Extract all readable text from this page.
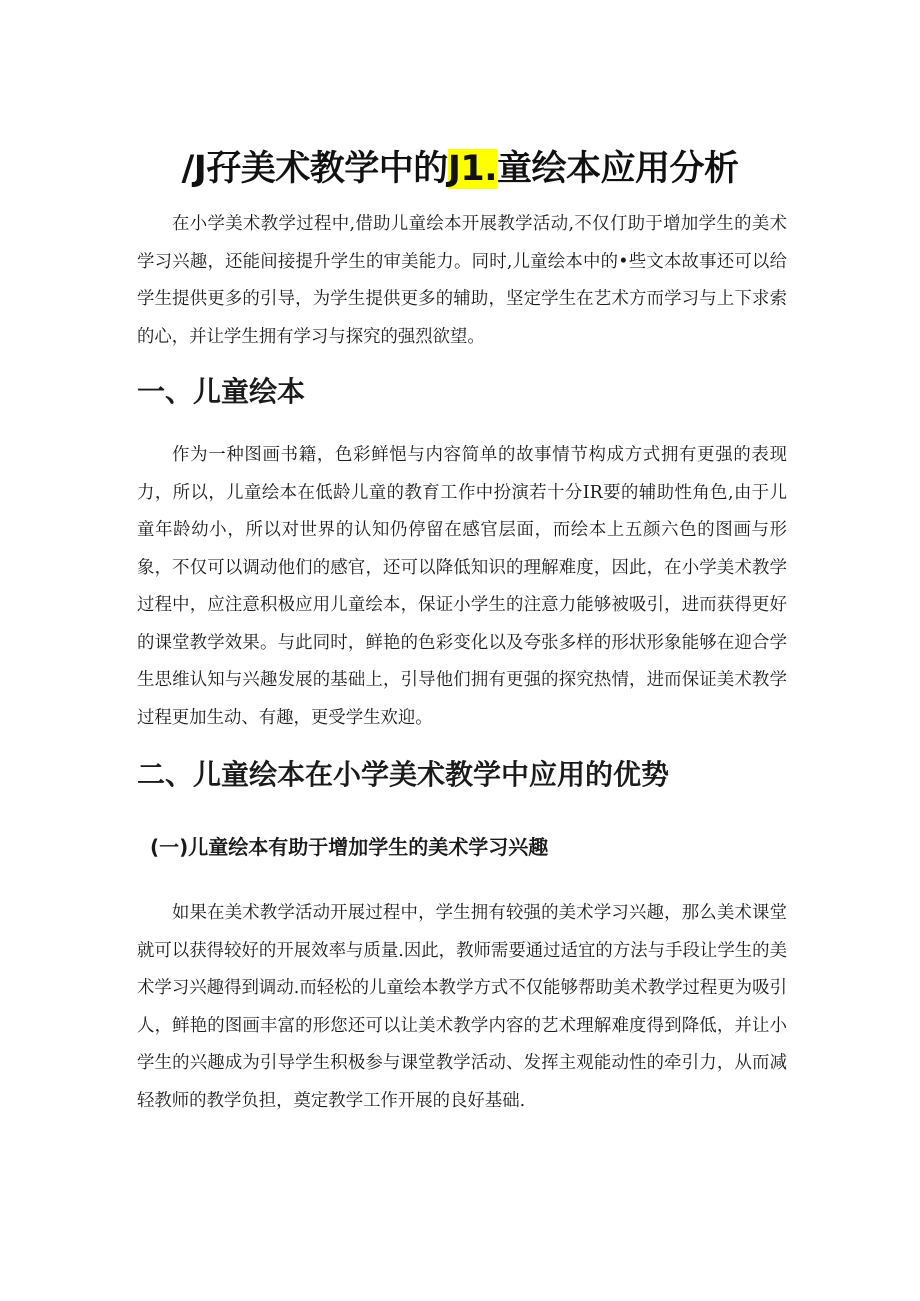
/J孖美术教学中的J1.童绘本应用分析

在小学美术教学过程中,借助儿童绘本开展教学活动,不仅仃助于增加学生的美术学习兴趣，还能间接提升学生的审美能力。同时,儿童绘本中的•些文本故事还可以给学生提供更多的引导，为学生提供更多的辅助，坚定学生在艺术方而学习与上下求索的心，并让学生拥有学习与探究的强烈欲望。

一、儿童绘本

作为一种图画书籍，色彩鲜悒与内容简单的故事情节构成方式拥有更强的表现力，所以，儿童绘本在低龄儿童的教育工作中扮演若十分IR要的辅助性角色,由于儿童年龄幼小，所以对世界的认知仍停留在感官层面，而绘本上五颜六色的图画与形象，不仅可以调动他们的感官，还可以降低知识的理解难度，因此，在小学美术教学过程中，应注意积极应用儿童绘本，保证小学生的注意力能够被吸引，进而获得更好的课堂教学效果。与此同时，鲜艳的色彩变化以及夸张多样的形状形象能够在迎合学生思维认知与兴趣发展的基础上，引导他们拥有更强的探究热情，进而保证美术教学过程更加生动、有趣，更受学生欢迎。

二、儿童绘本在小学美术教学中应用的优势
(一)儿童绘本有助于增加学生的美术学习兴趣

如果在美术教学活动开展过程中，学生拥有较强的美术学习兴趣，那么美术课堂就可以获得较好的开展效率与质量.因此，教师需要通过适宜的方法与手段让学生的美术学习兴趣得到调动.而轻松的儿童绘本教学方式不仅能够帮助美术教学过程更为吸引人，鲜艳的图画丰富的形您还可以让美术教学内容的艺术理解难度得到降低，并让小学生的兴趣成为引导学生积极参与课堂教学活动、发挥主观能动性的牵引力，从而减轻教师的教学负担，奠定教学工作开展的良好基础.
